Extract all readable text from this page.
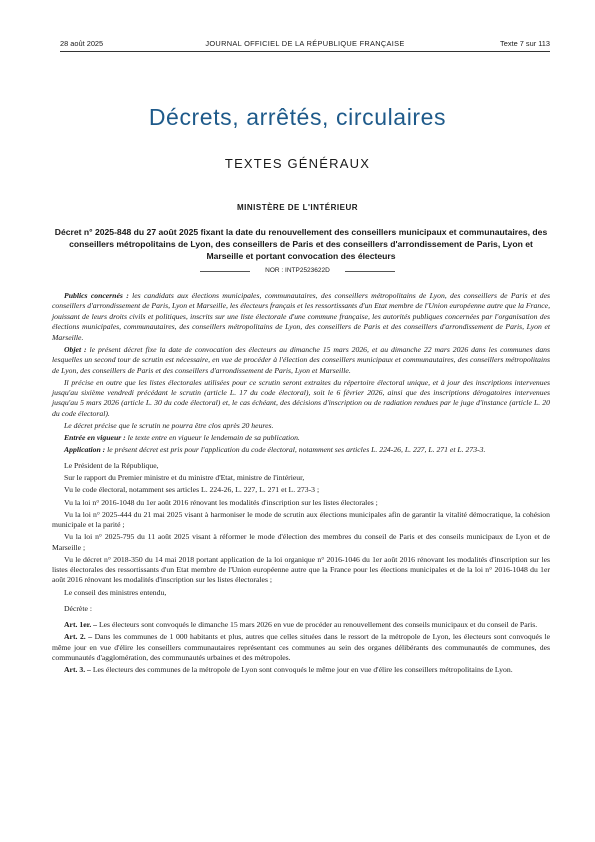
28 août 2025	JOURNAL OFFICIEL DE LA RÉPUBLIQUE FRANÇAISE	Texte 7 sur 113
Décrets, arrêtés, circulaires
TEXTES GÉNÉRAUX
MINISTÈRE DE L'INTÉRIEUR
Décret n° 2025-848 du 27 août 2025 fixant la date du renouvellement des conseillers municipaux et communautaires, des conseillers métropolitains de Lyon, des conseillers de Paris et des conseillers d'arrondissement de Paris, Lyon et Marseille et portant convocation des électeurs
NOR : INTP2523622D

Publics concernés : les candidats aux élections municipales, communautaires, des conseillers métropolitains de Lyon, des conseillers de Paris et des conseillers d'arrondissement de Paris, Lyon et Marseille, les électeurs français et les ressortissants d'un Etat membre de l'Union européenne autre que la France, jouissant de leurs droits civils et politiques, inscrits sur une liste électorale d'une commune française, les autorités publiques concernées par l'organisation des élections municipales, communautaires, des conseillers métropolitains de Lyon, des conseillers de Paris et des conseillers d'arrondissement de Paris, Lyon et Marseille.

Objet : le présent décret fixe la date de convocation des électeurs au dimanche 15 mars 2026, et au dimanche 22 mars 2026 dans les communes dans lesquelles un second tour de scrutin est nécessaire, en vue de procéder à l'élection des conseillers municipaux et communautaires, des conseillers métropolitains de Lyon, des conseillers de Paris et des conseillers d'arrondissement de Paris, Lyon et Marseille.

Il précise en outre que les listes électorales utilisées pour ce scrutin seront extraites du répertoire électoral unique, et à jour des inscriptions intervenues jusqu'au sixième vendredi précédant le scrutin (article L. 17 du code électoral), soit le 6 février 2026, ainsi que des inscriptions dérogatoires intervenues jusqu'au 5 mars 2026 (article L. 30 du code électoral) et, le cas échéant, des décisions d'inscription ou de radiation rendues par le juge d'instance (article L. 20 du code électoral).

Le décret précise que le scrutin ne pourra être clos après 20 heures.

Entrée en vigueur : le texte entre en vigueur le lendemain de sa publication.

Application : le présent décret est pris pour l'application du code électoral, notamment ses articles L. 224-26, L. 227, L. 271 et L. 273-3.

Le Président de la République,

Sur le rapport du Premier ministre et du ministre d'Etat, ministre de l'intérieur,

Vu le code électoral, notamment ses articles L. 224-26, L. 227, L. 271 et L. 273-3 ;

Vu la loi n° 2016-1048 du 1er août 2016 rénovant les modalités d'inscription sur les listes électorales ;

Vu la loi n° 2025-444 du 21 mai 2025 visant à harmoniser le mode de scrutin aux élections municipales afin de garantir la vitalité démocratique, la cohésion municipale et la parité ;

Vu la loi n° 2025-795 du 11 août 2025 visant à réformer le mode d'élection des membres du conseil de Paris et des conseils municipaux de Lyon et de Marseille ;

Vu le décret n° 2018-350 du 14 mai 2018 portant application de la loi organique n° 2016-1046 du 1er août 2016 rénovant les modalités d'inscription sur les listes électorales des ressortissants d'un Etat membre de l'Union européenne autre que la France pour les élections municipales et de la loi n° 2016-1048 du 1er août 2016 rénovant les modalités d'inscription sur les listes électorales ;

Le conseil des ministres entendu,

Décrète :

Art. 1er. – Les électeurs sont convoqués le dimanche 15 mars 2026 en vue de procéder au renouvellement des conseils municipaux et du conseil de Paris.

Art. 2. – Dans les communes de 1 000 habitants et plus, autres que celles situées dans le ressort de la métropole de Lyon, les électeurs sont convoqués le même jour en vue d'élire les conseillers communautaires représentant ces communes au sein des organes délibérants des communautés de communes, des communautés d'agglomération, des communautés urbaines et des métropoles.

Art. 3. – Les électeurs des communes de la métropole de Lyon sont convoqués le même jour en vue d'élire les conseillers métropolitains de Lyon.
